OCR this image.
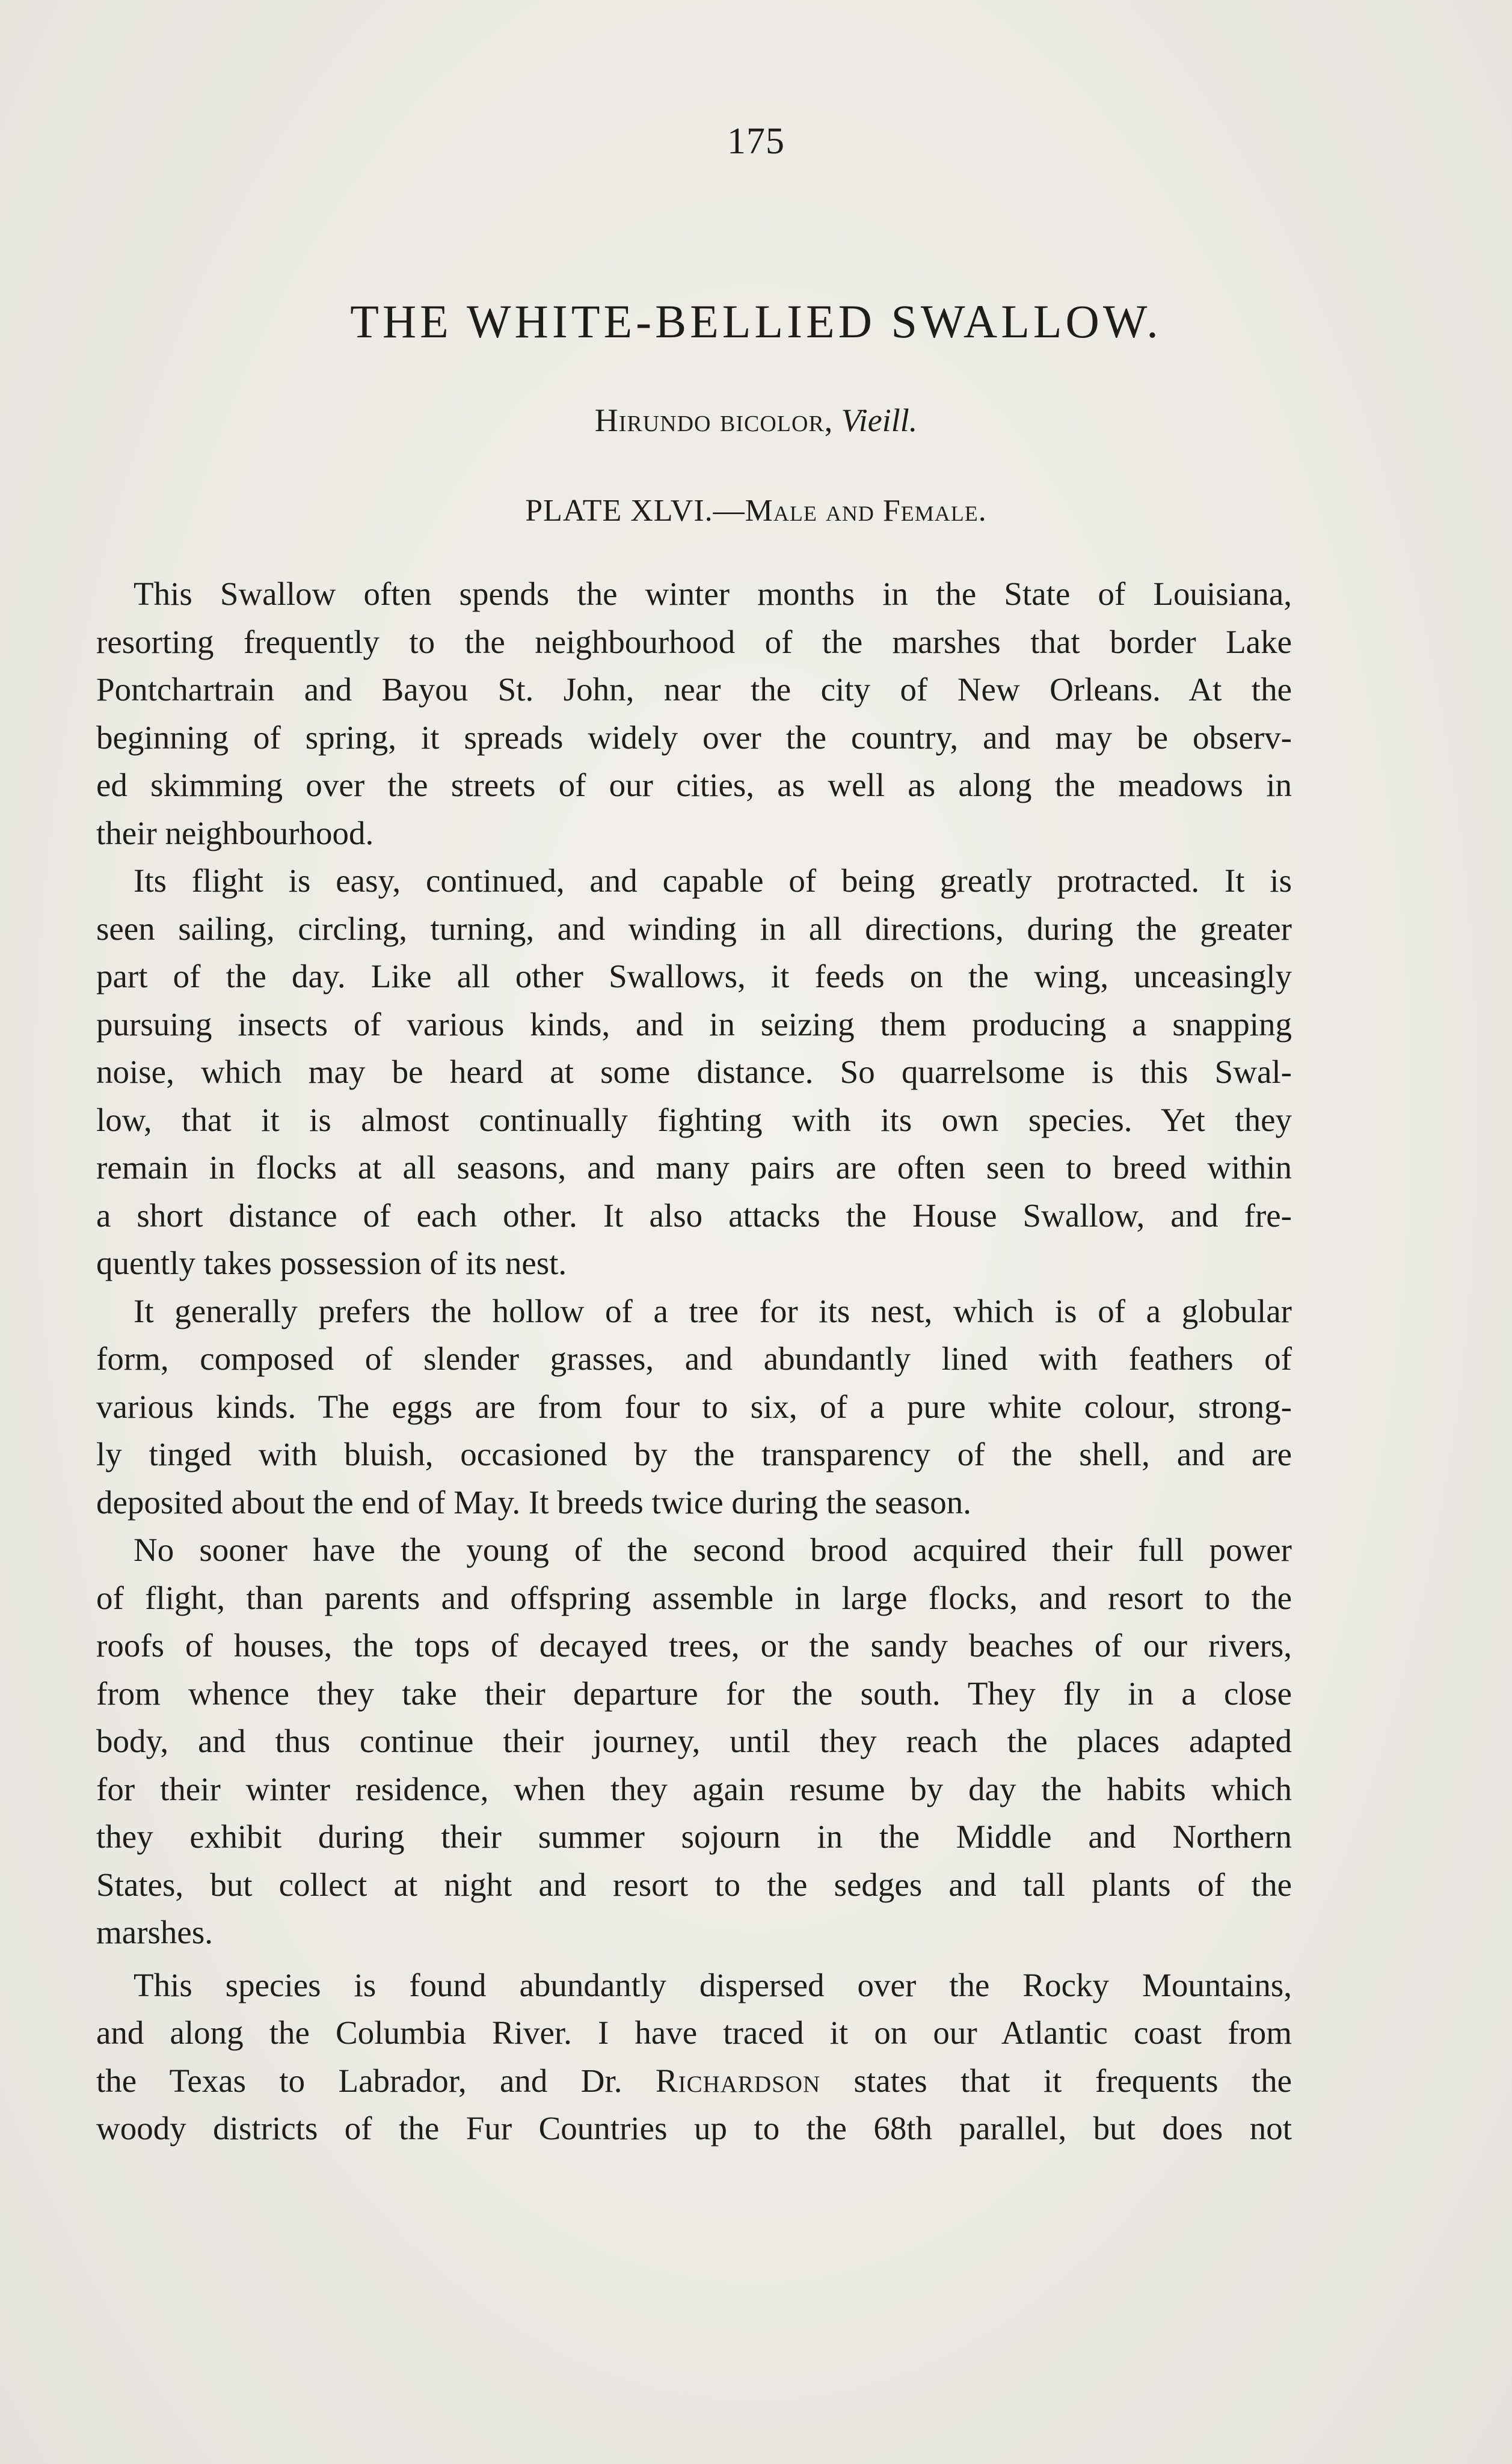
175
THE WHITE-BELLIED SWALLOW.
Hirundo bicolor, Vieill.
PLATE XLVI.—Male and Female.
This Swallow often spends the winter months in the State of Louisiana,
resorting frequently to the neighbourhood of the marshes that border Lake
Pontchartrain and Bayou St. John, near the city of New Orleans. At the
beginning of spring, it spreads widely over the country, and may be observ-
ed skimming over the streets of our cities, as well as along the meadows in
their neighbourhood.
Its flight is easy, continued, and capable of being greatly protracted. It is
seen sailing, circling, turning, and winding in all directions, during the greater
part of the day. Like all other Swallows, it feeds on the wing, unceasingly
pursuing insects of various kinds, and in seizing them producing a snapping
noise, which may be heard at some distance. So quarrelsome is this Swal-
low, that it is almost continually fighting with its own species. Yet they
remain in flocks at all seasons, and many pairs are often seen to breed within
a short distance of each other. It also attacks the House Swallow, and fre-
quently takes possession of its nest.
It generally prefers the hollow of a tree for its nest, which is of a globular
form, composed of slender grasses, and abundantly lined with feathers of
various kinds. The eggs are from four to six, of a pure white colour, strong-
ly tinged with bluish, occasioned by the transparency of the shell, and are
deposited about the end of May. It breeds twice during the season.
No sooner have the young of the second brood acquired their full power
of flight, than parents and offspring assemble in large flocks, and resort to the
roofs of houses, the tops of decayed trees, or the sandy beaches of our rivers,
from whence they take their departure for the south. They fly in a close
body, and thus continue their journey, until they reach the places adapted
for their winter residence, when they again resume by day the habits which
they exhibit during their summer sojourn in the Middle and Northern
States, but collect at night and resort to the sedges and tall plants of the
marshes.
This species is found abundantly dispersed over the Rocky Mountains,
and along the Columbia River. I have traced it on our Atlantic coast from
the Texas to Labrador, and Dr. Richardson states that it frequents the
woody districts of the Fur Countries up to the 68th parallel, but does not
